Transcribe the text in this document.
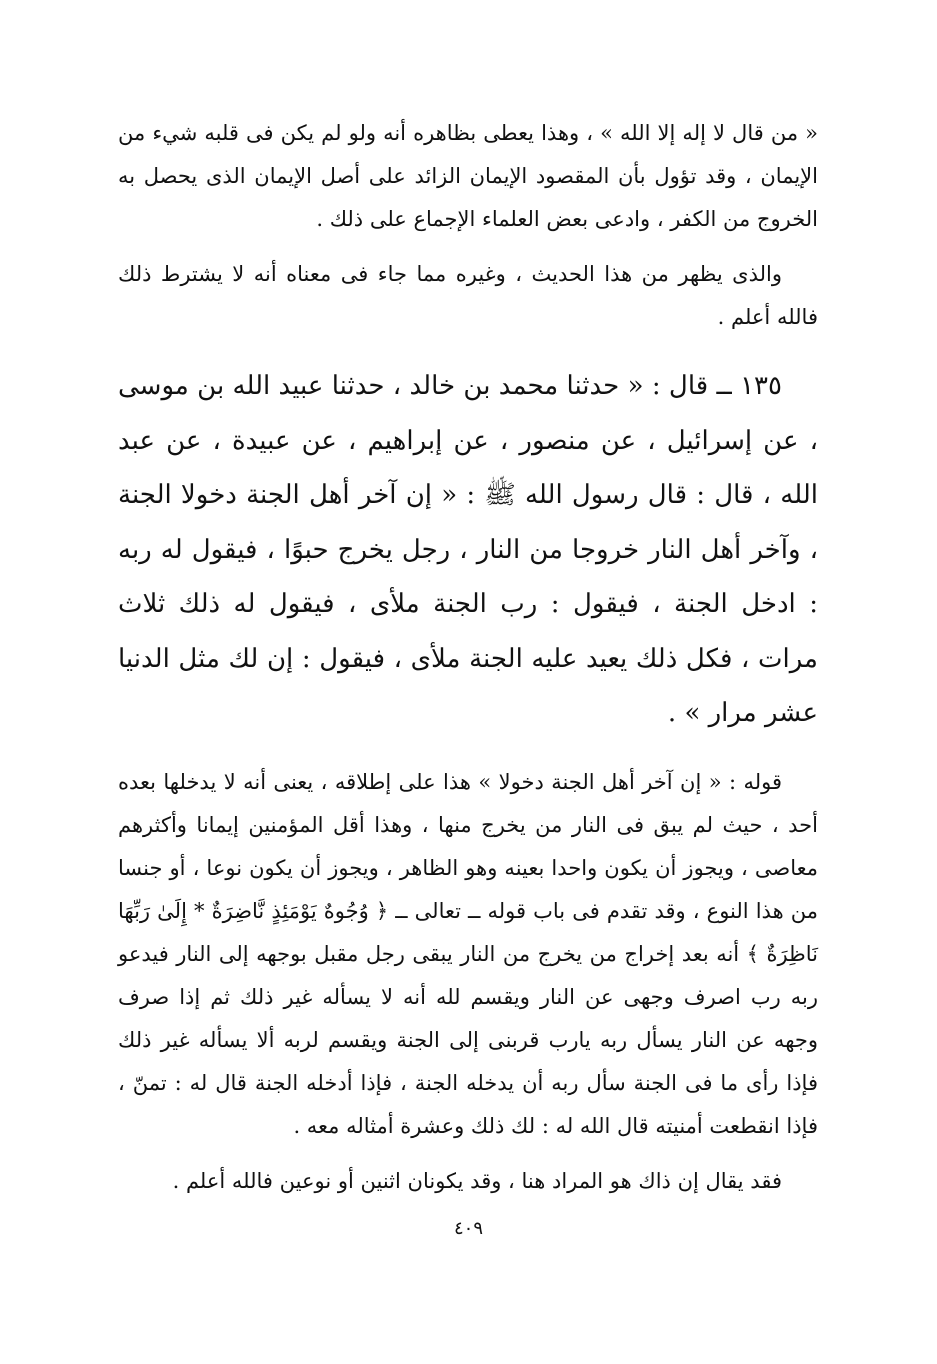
« من قال لا إله إلا الله » ، وهذا يعطى بظاهره أنه ولو لم يكن فى قلبه شيء من الإيمان ، وقد تؤول بأن المقصود الإيمان الزائد على أصل الإيمان الذى يحصل به الخروج من الكفر ، وادعى بعض العلماء الإجماع على ذلك .

والذى يظهر من هذا الحديث ، وغيره مما جاء فى معناه أنه لا يشترط ذلك فالله أعلم .

١٣٥ ــ قال : « حدثنا محمد بن خالد ، حدثنا عبيد الله بن موسى ، عن إسرائيل ، عن منصور ، عن إبراهيم ، عن عبيدة ، عن عبد الله ، قال : قال رسول الله ﷺ : « إن آخر أهل الجنة دخولا الجنة ، وآخر أهل النار خروجا من النار ، رجل يخرج حبوًا ، فيقول له ربه : ادخل الجنة ، فيقول : رب الجنة ملأى ، فيقول له ذلك ثلاث مرات ، فكل ذلك يعيد عليه الجنة ملأى ، فيقول : إن لك مثل الدنيا عشر مرار » .

قوله : « إن آخر أهل الجنة دخولا » هذا على إطلاقه ، يعنى أنه لا يدخلها بعده أحد ، حيث لم يبق فى النار من يخرج منها ، وهذا أقل المؤمنين إيمانا وأكثرهم معاصى ، ويجوز أن يكون واحدا بعينه وهو الظاهر ، ويجوز أن يكون نوعا ، أو جنسا من هذا النوع ، وقد تقدم فى باب قوله ــ تعالى ــ ﴿ وُجُوهٌ يَوْمَئِذٍ نَّاضِرَةٌ * إِلَىٰ رَبِّهَا نَاظِرَةٌ ﴾ أنه بعد إخراج من يخرج من النار يبقى رجل مقبل بوجهه إلى النار فيدعو ربه رب اصرف وجهى عن النار ويقسم لله أنه لا يسأله غير ذلك ثم إذا صرف وجهه عن النار يسأل ربه يارب قربنى إلى الجنة ويقسم لربه ألا يسأله غير ذلك فإذا رأى ما فى الجنة سأل ربه أن يدخله الجنة ، فإذا أدخله الجنة قال له : تمنّ ، فإذا انقطعت أمنيته قال الله له : لك ذلك وعشرة أمثاله معه .

فقد يقال إن ذاك هو المراد هنا ، وقد يكونان اثنين أو نوعين فالله أعلم .

٤٠٩
